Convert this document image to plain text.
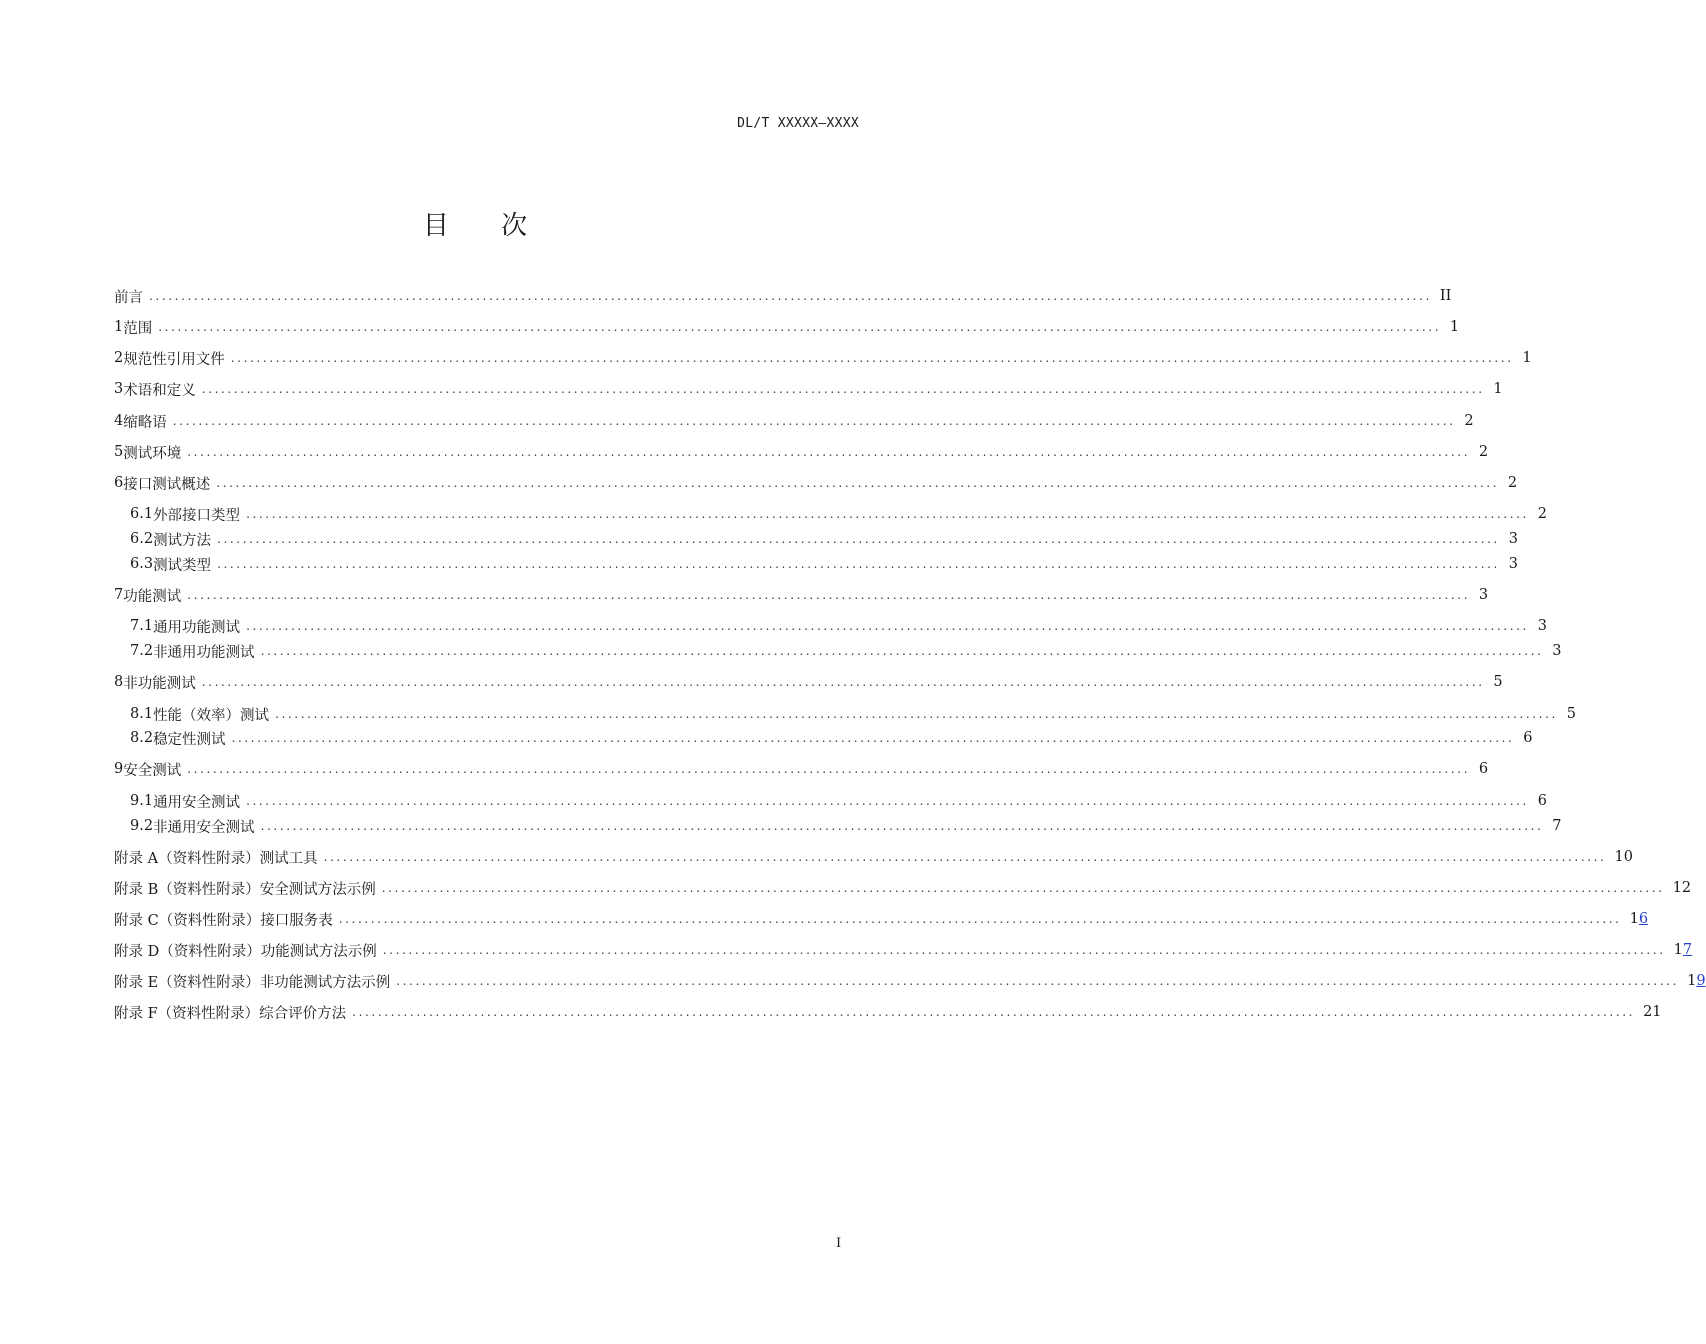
DL/T XXXXX—XXXX
目 次
前言 ........................................................................................................................................................................................................ II
1 范围 ........................................................................................................................................................................................................ 1
2 规范性引用文件 ........................................................................................................................................................................................................ 1
3 术语和定义 ........................................................................................................................................................................................................ 1
4 缩略语 ........................................................................................................................................................................................................ 2
5 测试环境 ........................................................................................................................................................................................................ 2
6 接口测试概述 ........................................................................................................................................................................................................ 2
6.1 外部接口类型 ........................................................................................................................................................................................................ 2
6.2 测试方法 ........................................................................................................................................................................................................ 3
6.3 测试类型 ........................................................................................................................................................................................................ 3
7 功能测试 ........................................................................................................................................................................................................ 3
7.1 通用功能测试 ........................................................................................................................................................................................................ 3
7.2 非通用功能测试 ........................................................................................................................................................................................................ 3
8 非功能测试 ........................................................................................................................................................................................................ 5
8.1 性能（效率）测试 ........................................................................................................................................................................................................ 5
8.2 稳定性测试 ........................................................................................................................................................................................................ 6
9 安全测试 ........................................................................................................................................................................................................ 6
9.1 通用安全测试 ........................................................................................................................................................................................................ 6
9.2 非通用安全测试 ........................................................................................................................................................................................................ 7
附录 A（资料性附录） 测试工具 ........................................................................................................................................................................................................ 10
附录 B（资料性附录） 安全测试方法示例 ........................................................................................................................................................................................................ 12
附录 C（资料性附录） 接口服务表 ........................................................................................................................................................................................................ 16
附录 D（资料性附录） 功能测试方法示例 ........................................................................................................................................................................................................ 17
附录 E（资料性附录） 非功能测试方法示例 ........................................................................................................................................................................................................ 19
附录 F（资料性附录） 综合评价方法 ........................................................................................................................................................................................................ 21
I
